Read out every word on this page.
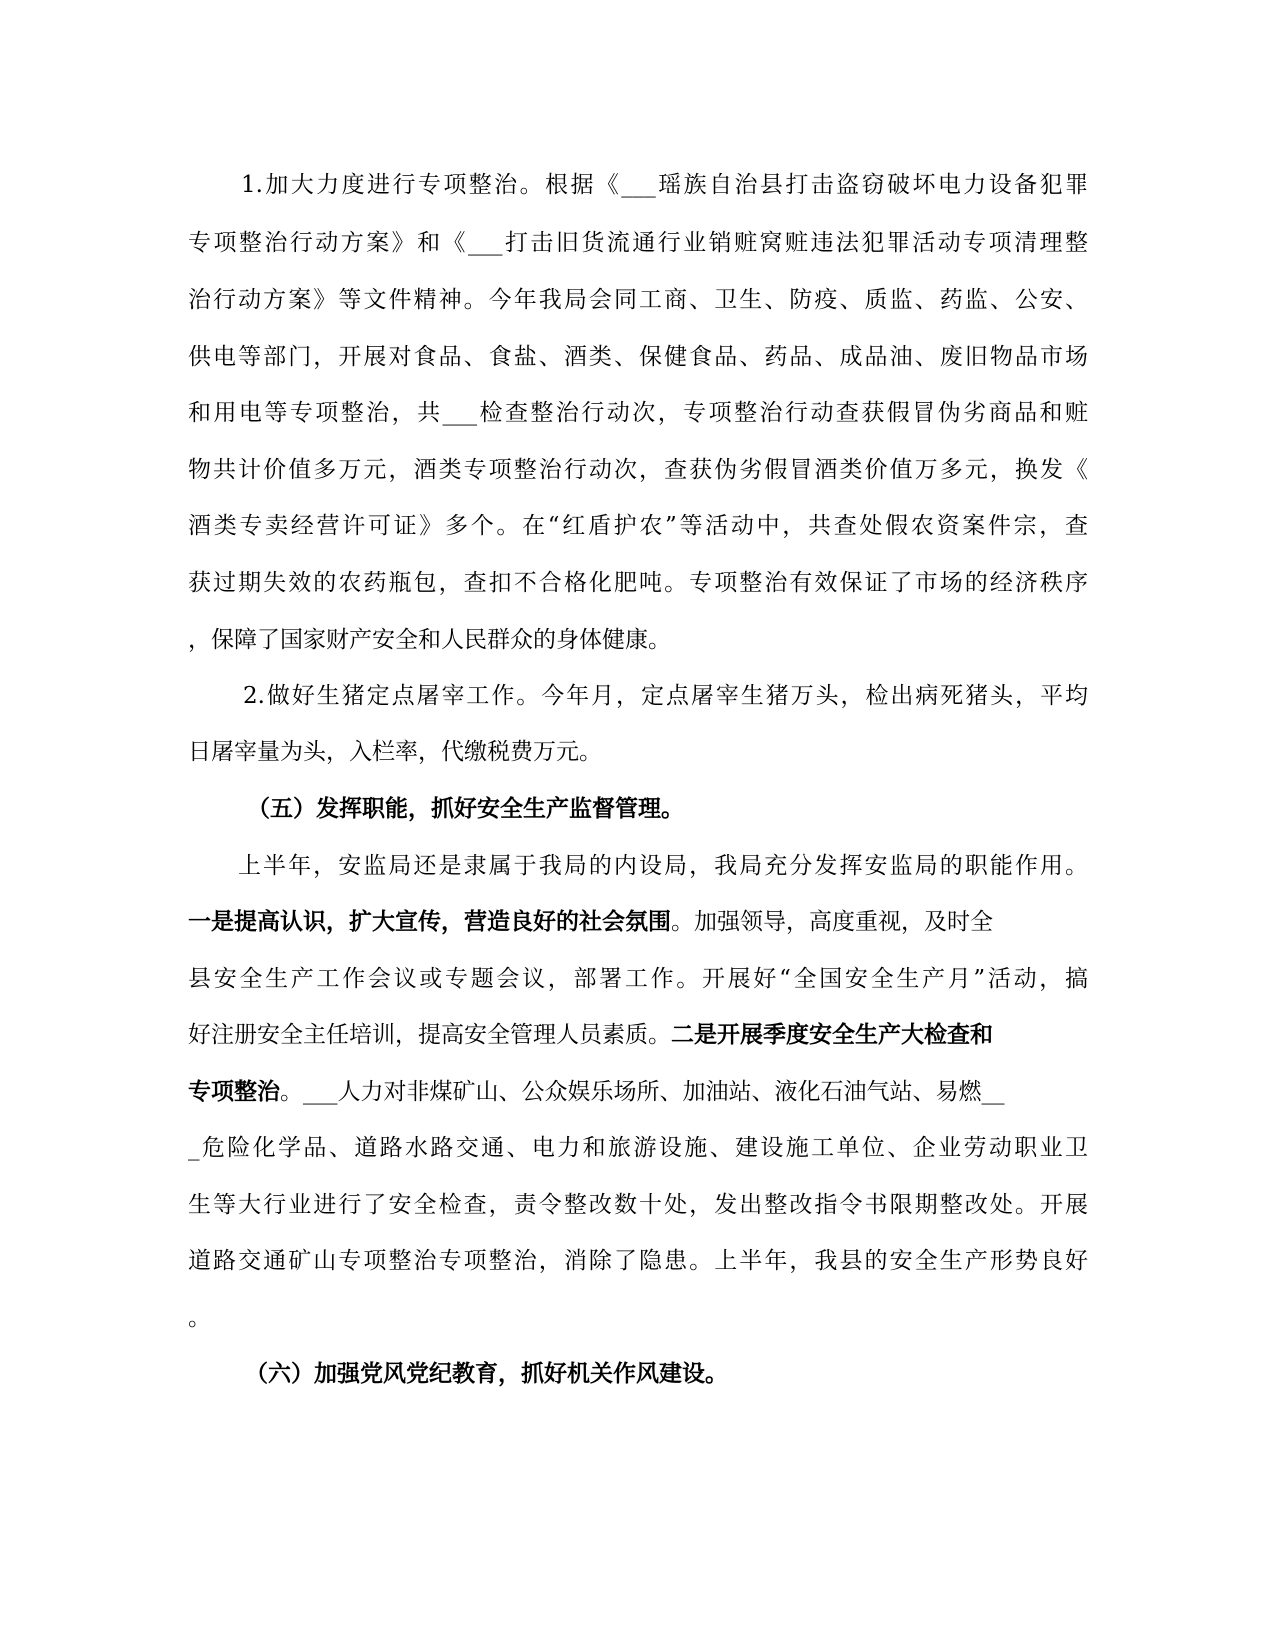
1.加大力度进行专项整治。根据《___瑶族自治县打击盗窃破坏电力设备犯罪
专项整治行动方案》和《___打击旧货流通行业销赃窝赃违法犯罪活动专项清理整
治行动方案》等文件精神。今年我局会同工商、卫生、防疫、质监、药监、公安、
供电等部门，开展对食品、食盐、酒类、保健食品、药品、成品油、废旧物品市场
和用电等专项整治，共___检查整治行动次，专项整治行动查获假冒伪劣商品和赃
物共计价值多万元，酒类专项整治行动次，查获伪劣假冒酒类价值万多元，换发《
酒类专卖经营许可证》多个。在“红盾护农”等活动中，共查处假农资案件宗，查
获过期失效的农药瓶包，查扣不合格化肥吨。专项整治有效保证了市场的经济秩序
，保障了国家财产安全和人民群众的身体健康。
2.做好生猪定点屠宰工作。今年月，定点屠宰生猪万头，检出病死猪头，平均
日屠宰量为头，入栏率，代缴税费万元。
（五）发挥职能，抓好安全生产监督管理。
上半年，安监局还是隶属于我局的内设局，我局充分发挥安监局的职能作用。
一是提高认识，扩大宣传，营造良好的社会氛围。加强领导，高度重视，及时全
县安全生产工作会议或专题会议，部署工作。开展好“全国安全生产月”活动，搞
好注册安全主任培训，提高安全管理人员素质。二是开展季度安全生产大检查和
专项整治。___人力对非煤矿山、公众娱乐场所、加油站、液化石油气站、易燃__
_危险化学品、道路水路交通、电力和旅游设施、建设施工单位、企业劳动职业卫
生等大行业进行了安全检查，责令整改数十处，发出整改指令书限期整改处。开展
道路交通矿山专项整治专项整治，消除了隐患。上半年，我县的安全生产形势良好
。
（六）加强党风党纪教育，抓好机关作风建设。
